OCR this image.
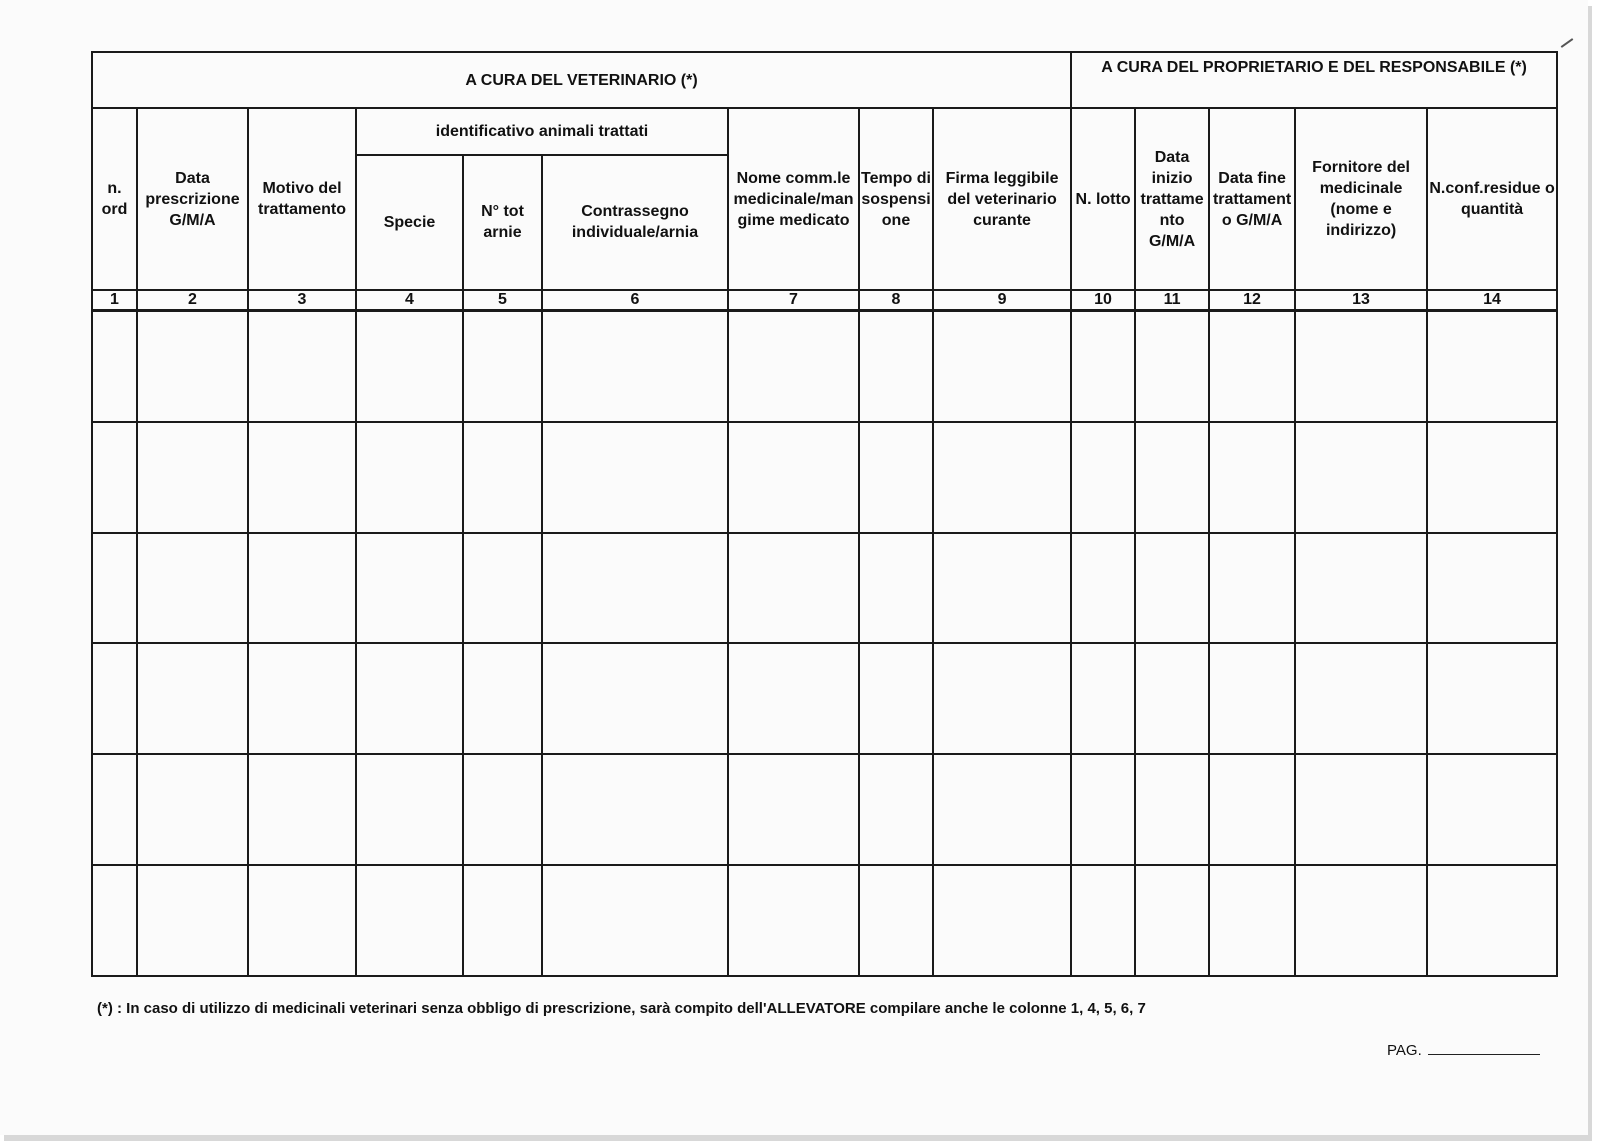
A CURA DEL VETERINARIO (*)									A CURA DEL PROPRIETARIO E DEL RESPONSABILE (*)				
n. ord	Data prescrizione G/M/A	Motivo del trattamento	identificativo animali trattati			Nome comm.le medicinale/mangime medicato	Tempo di sospensione	Firma leggibile del veterinario curante	N. lotto	Data inizio trattamento G/M/A	Data fine trattamento G/M/A	Fornitore del medicinale (nome e indirizzo)	N.conf.residue o quantità
			Specie	N° tot arnie	Contrassegno individuale/arnia								
1	2	3	4	5	6	7	8	9	10	11	12	13	14

(*) : In caso di utilizzo di medicinali veterinari senza obbligo di prescrizione, sarà compito dell'ALLEVATORE compilare anche le colonne 1, 4, 5, 6, 7
PAG.
